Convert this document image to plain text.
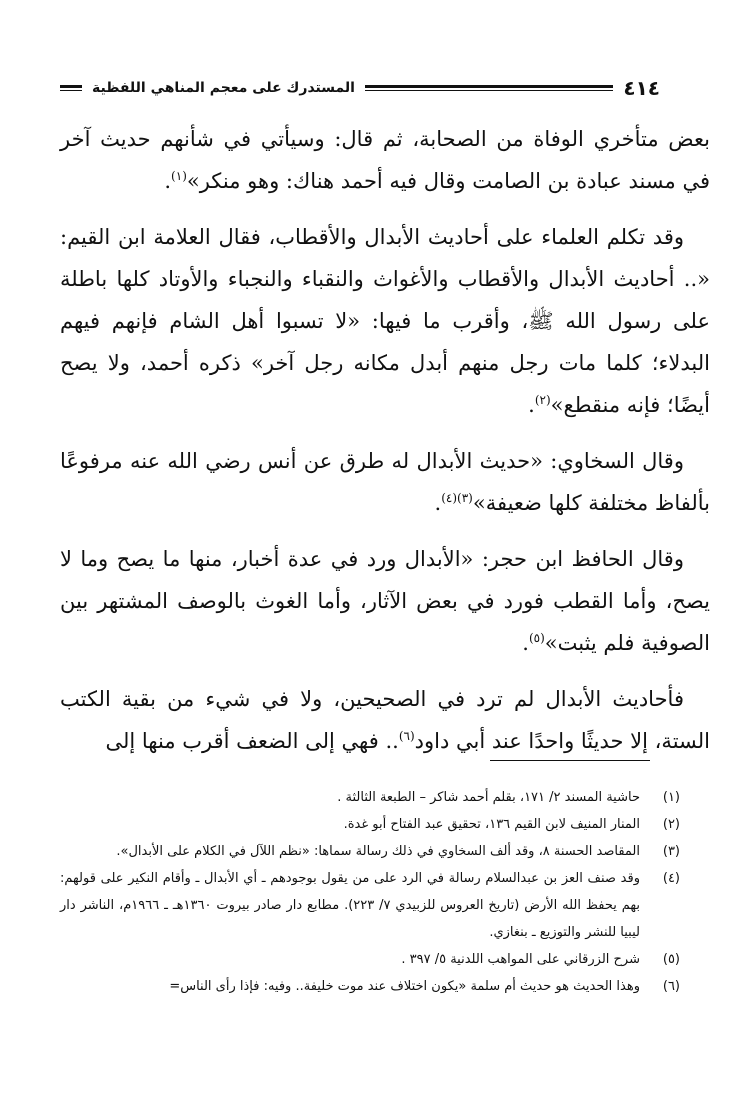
٤١٤
المستدرك على معجم المناهي اللفظية

بعض متأخري الوفاة من الصحابة، ثم قال: وسيأتي في شأنهم حديث آخر في مسند عبادة بن الصامت وقال فيه أحمد هناك: وهو منكر»$^{(١)}$.

وقد تكلم العلماء على أحاديث الأبدال والأقطاب، فقال العلامة ابن القيم: «.. أحاديث الأبدال والأقطاب والأغواث والنقباء والنجباء والأوتاد كلها باطلة على رسول الله ﷺ، وأقرب ما فيها: «لا تسبوا أهل الشام فإنهم فيهم البدلاء؛ كلما مات رجل منهم أبدل مكانه رجل آخر» ذكره أحمد، ولا يصح أيضًا؛ فإنه منقطع»$^{(٢)}$.

وقال السخاوي: «حديث الأبدال له طرق عن أنس رضي الله عنه مرفوعًا بألفاظ مختلفة كلها ضعيفة»$^{(٣)(٤)}$.

وقال الحافظ ابن حجر: «الأبدال ورد في عدة أخبار، منها ما يصح وما لا يصح، وأما القطب فورد في بعض الآثار، وأما الغوث بالوصف المشتهر بين الصوفية فلم يثبت»$^{(٥)}$.

فأحاديث الأبدال لم ترد في الصحيحين، ولا في شيء من بقية الكتب الستة، إلا حديثًا واحدًا عند أبي داود$^{(٦)}$.. فهي إلى الضعف أقرب منها إلى

(١)
حاشية المسند ٢/ ١٧١، بقلم أحمد شاكر – الطبعة الثالثة .
(٢)
المنار المنيف لابن القيم ١٣٦، تحقيق عبد الفتاح أبو غدة.
(٣)
المقاصد الحسنة ٨، وقد ألف السخاوي في ذلك رسالة سماها: «نظم اللآل في الكلام على الأبدال».
(٤)
وقد صنف العز بن عبدالسلام رسالة في الرد على من يقول بوجودهم ـ أي الأبدال ـ وأقام النكير على قولهم: بهم يحفظ الله الأرض (تاريخ العروس للزبيدي ٧/ ٢٢٣). مطابع دار صادر بيروت ١٣٦٠هـ ـ ١٩٦٦م، الناشر دار ليبيا للنشر والتوزيع ـ بنغازي.
(٥)
شرح الزرقاني على المواهب اللدنية ٥/ ٣٩٧ .
(٦)
وهذا الحديث هو حديث أم سلمة «يكون اختلاف عند موت خليفة.. وفيه: فإذا رأى الناس=
